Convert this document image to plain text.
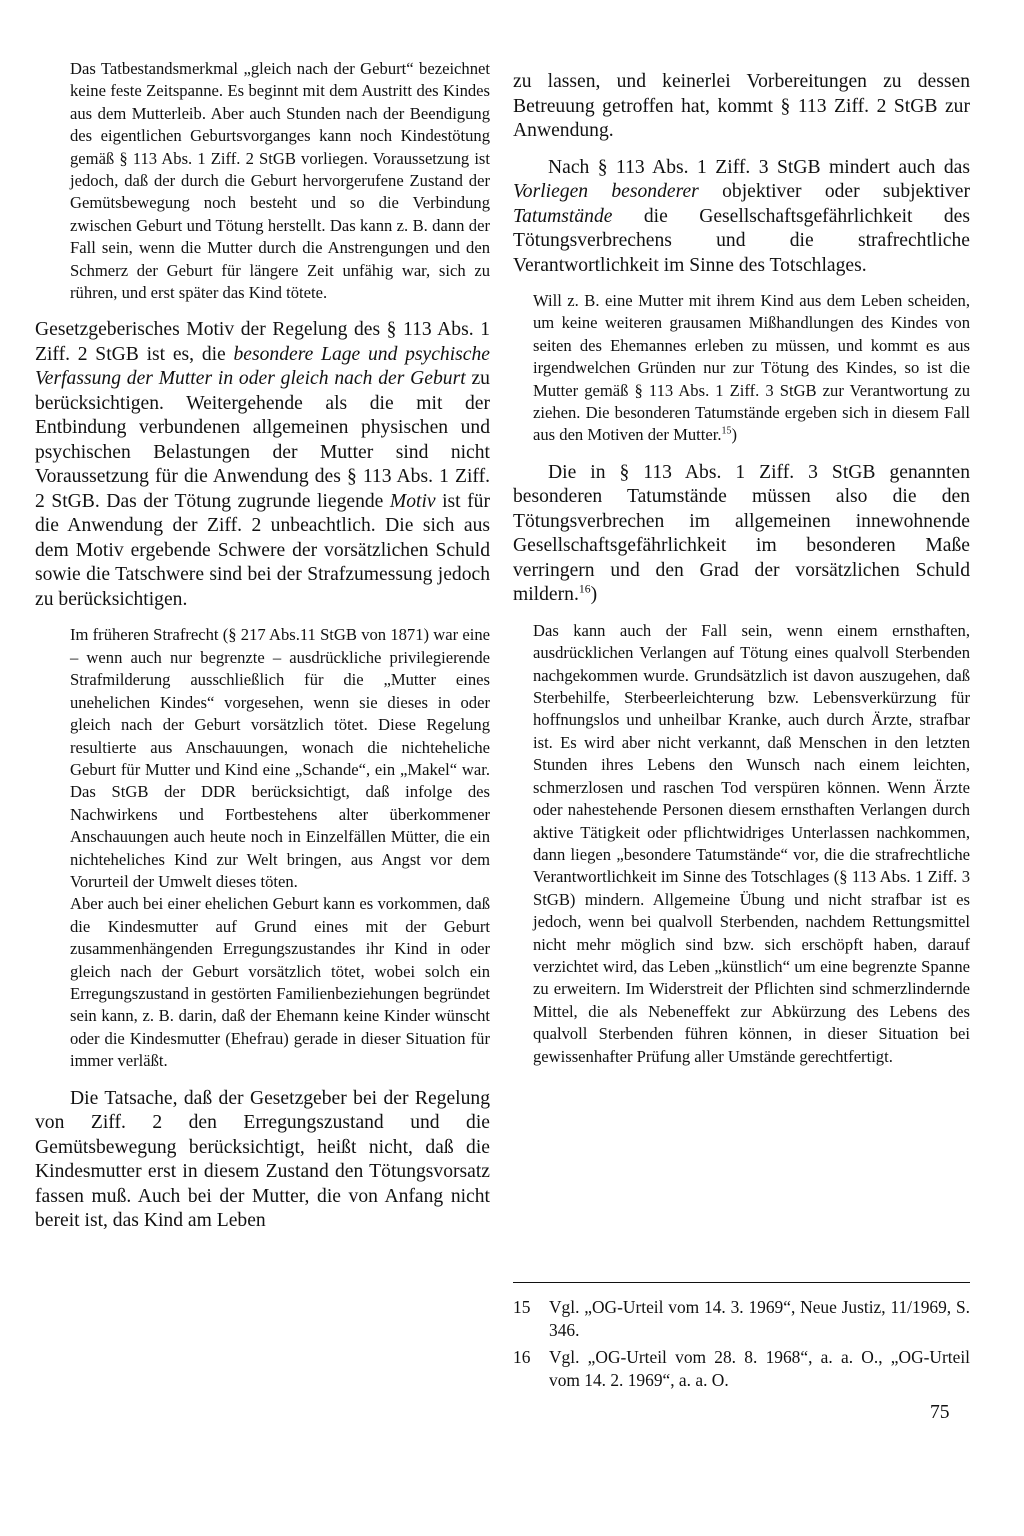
Das Tatbestandsmerkmal „gleich nach der Geburt“ bezeichnet keine feste Zeitspanne. Es beginnt mit dem Austritt des Kindes aus dem Mutterleib. Aber auch Stunden nach der Beendigung des eigentlichen Geburtsvorganges kann noch Kindestötung gemäß § 113 Abs. 1 Ziff. 2 StGB vorliegen. Voraussetzung ist jedoch, daß der durch die Geburt hervorgerufene Zustand der Gemütsbewegung noch besteht und so die Verbindung zwischen Geburt und Tötung herstellt. Das kann z. B. dann der Fall sein, wenn die Mutter durch die Anstrengungen und den Schmerz der Geburt für längere Zeit unfähig war, sich zu rühren, und erst später das Kind tötete.

Gesetzgeberisches Motiv der Regelung des § 113 Abs. 1 Ziff. 2 StGB ist es, die besondere Lage und psychische Verfassung der Mutter in oder gleich nach der Geburt zu berücksichtigen. Weitergehende als die mit der Entbindung verbundenen allgemeinen physischen und psychischen Belastungen der Mutter sind nicht Voraussetzung für die Anwendung des § 113 Abs. 1 Ziff. 2 StGB. Das der Tötung zugrunde liegende Motiv ist für die Anwendung der Ziff. 2 unbeachtlich. Die sich aus dem Motiv ergebende Schwere der vorsätzlichen Schuld sowie die Tatschwere sind bei der Strafzumessung jedoch zu berücksichtigen.

Im früheren Strafrecht (§ 217 Abs.11 StGB von 1871) war eine – wenn auch nur begrenzte – ausdrückliche privilegierende Strafmilderung ausschließlich für die „Mutter eines unehelichen Kindes“ vorgesehen, wenn sie dieses in oder gleich nach der Geburt vorsätzlich tötet. Diese Regelung resultierte aus Anschauungen, wonach die nichteheliche Geburt für Mutter und Kind eine „Schande“, ein „Makel“ war. Das StGB der DDR berücksichtigt, daß infolge des Nachwirkens und Fortbestehens alter überkommener Anschauungen auch heute noch in Einzelfällen Mütter, die ein nichteheliches Kind zur Welt bringen, aus Angst vor dem Vorurteil der Umwelt dieses töten.

Aber auch bei einer ehelichen Geburt kann es vorkommen, daß die Kindesmutter auf Grund eines mit der Geburt zusammenhängenden Erregungszustandes ihr Kind in oder gleich nach der Geburt vorsätzlich tötet, wobei solch ein Erregungszustand in gestörten Familienbeziehungen begründet sein kann, z. B. darin, daß der Ehemann keine Kinder wünscht oder die Kindesmutter (Ehefrau) gerade in dieser Situation für immer verläßt.

Die Tatsache, daß der Gesetzgeber bei der Regelung von Ziff. 2 den Erregungszustand und die Gemütsbewegung berücksichtigt, heißt nicht, daß die Kindesmutter erst in diesem Zustand den Tötungsvorsatz fassen muß. Auch bei der Mutter, die von Anfang nicht bereit ist, das Kind am Leben

zu lassen, und keinerlei Vorbereitungen zu dessen Betreuung getroffen hat, kommt § 113 Ziff. 2 StGB zur Anwendung.

Nach § 113 Abs. 1 Ziff. 3 StGB mindert auch das Vorliegen besonderer objektiver oder subjektiver Tatumstände die Gesellschaftsgefährlichkeit des Tötungsverbrechens und die strafrechtliche Verantwortlichkeit im Sinne des Totschlages.

Will z. B. eine Mutter mit ihrem Kind aus dem Leben scheiden, um keine weiteren grausamen Mißhandlungen des Kindes von seiten des Ehemannes erleben zu müssen, und kommt es aus irgendwelchen Gründen nur zur Tötung des Kindes, so ist die Mutter gemäß § 113 Abs. 1 Ziff. 3 StGB zur Verantwortung zu ziehen. Die besonderen Tatumstände ergeben sich in diesem Fall aus den Motiven der Mutter.$^{15}$)

Die in § 113 Abs. 1 Ziff. 3 StGB genannten besonderen Tatumstände müssen also die den Tötungsverbrechen im allgemeinen innewohnende Gesellschaftsgefährlichkeit im besonderen Maße verringern und den Grad der vorsätzlichen Schuld mildern.$^{16}$)

Das kann auch der Fall sein, wenn einem ernsthaften, ausdrücklichen Verlangen auf Tötung eines qualvoll Sterbenden nachgekommen wurde. Grundsätzlich ist davon auszugehen, daß Sterbehilfe, Sterbeerleichterung bzw. Lebensverkürzung für hoffnungslos und unheilbar Kranke, auch durch Ärzte, strafbar ist. Es wird aber nicht verkannt, daß Menschen in den letzten Stunden ihres Lebens den Wunsch nach einem leichten, schmerzlosen und raschen Tod verspüren können. Wenn Ärzte oder nahestehende Personen diesem ernsthaften Verlangen durch aktive Tätigkeit oder pflichtwidriges Unterlassen nachkommen, dann liegen „besondere Tatumstände“ vor, die die strafrechtliche Verantwortlichkeit im Sinne des Totschlages (§ 113 Abs. 1 Ziff. 3 StGB) mindern. Allgemeine Übung und nicht strafbar ist es jedoch, wenn bei qualvoll Sterbenden, nachdem Rettungsmittel nicht mehr möglich sind bzw. sich erschöpft haben, darauf verzichtet wird, das Leben „künstlich“ um eine begrenzte Spanne zu erweitern. Im Widerstreit der Pflichten sind schmerzlindernde Mittel, die als Nebeneffekt zur Abkürzung des Lebens des qualvoll Sterbenden führen können, in dieser Situation bei gewissenhafter Prüfung aller Umstände gerechtfertigt.

15	Vgl. „OG-Urteil vom 14. 3. 1969“, Neue Justiz, 11/1969, S. 346.
16	Vgl. „OG-Urteil vom 28. 8. 1968“, a. a. O., „OG-Urteil vom 14. 2. 1969“, a. a. O.
75
